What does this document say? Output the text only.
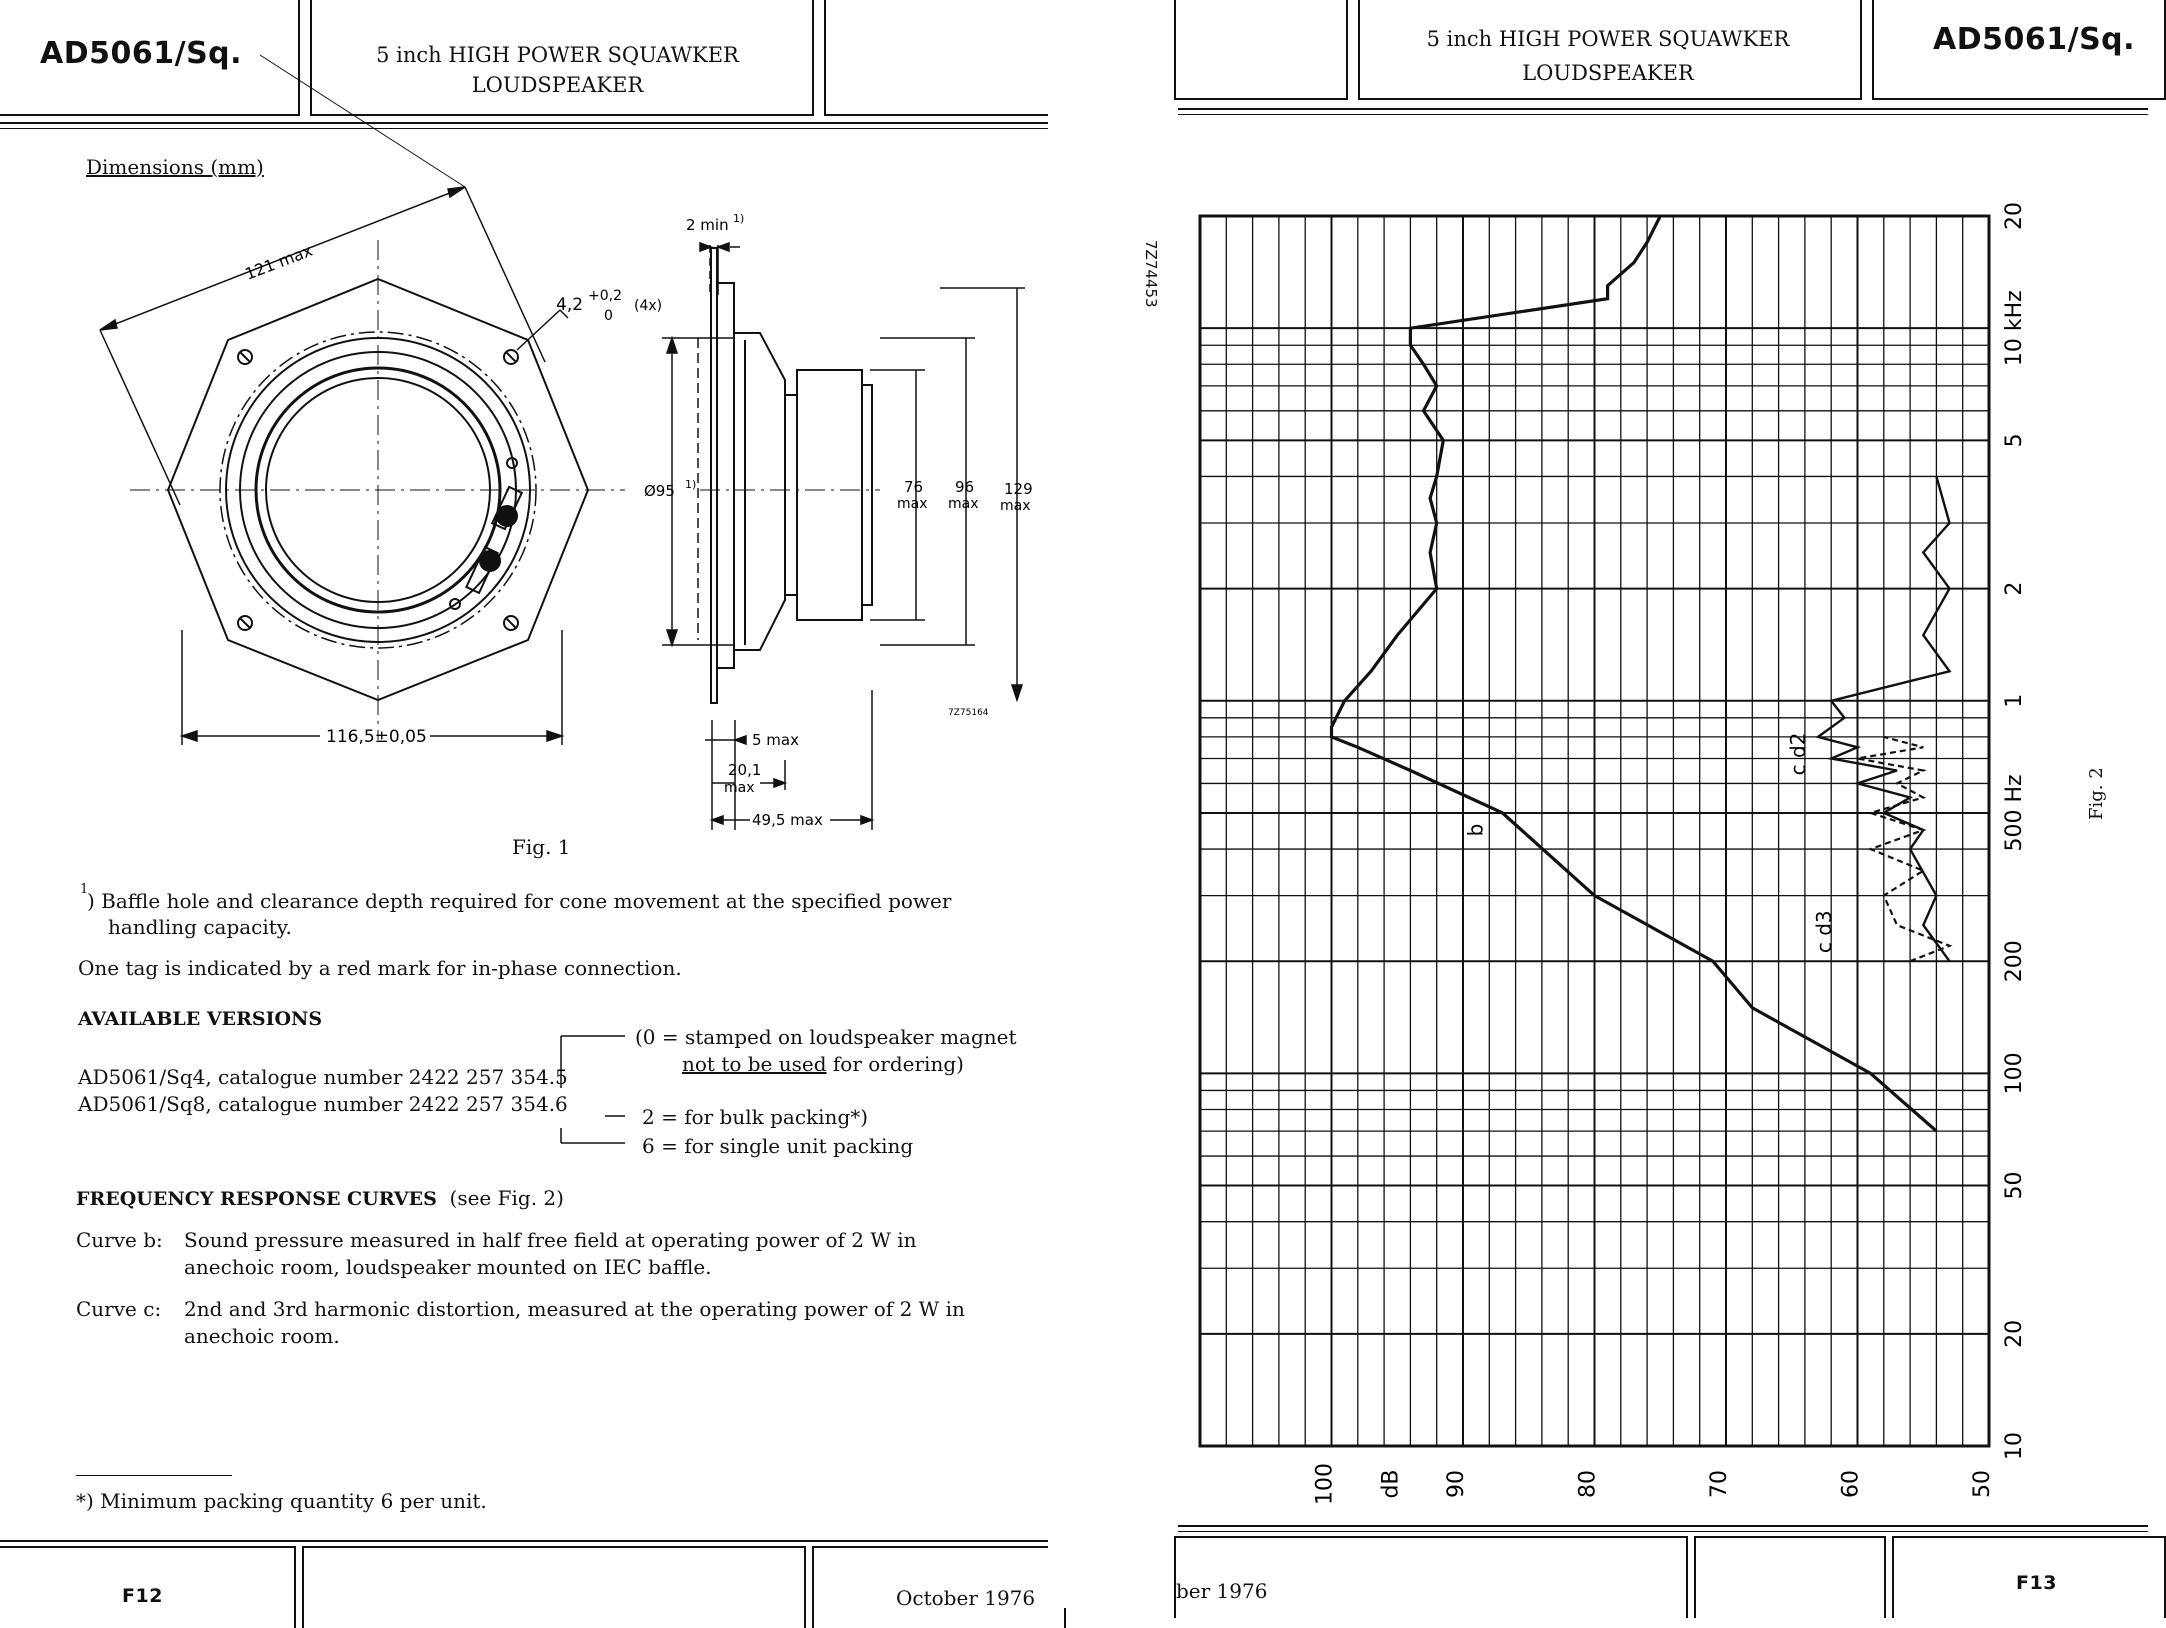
AD5061/Sq.	5 inch HIGH POWER SQUAWKER
LOUDSPEAKER
Dimensions (mm)
121 max
4,2 +0,2
0
(4x)
116,5±0,05
2 min 1)
Ø95 1)	76
max
96
max
129
max
7Z75164
5 max
20,1
max
49,5 max
Fig. 1
1
) Baffle hole and clearance depth required for cone movement at the specified power
handling capacity.
One tag is indicated by a red mark for in-phase connection.
AVAILABLE VERSIONS
AD5061/Sq4, catalogue number 2422 257 354.5
AD5061/Sq8, catalogue number 2422 257 354.6
(0 = stamped on loudspeaker magnet
not to be used for ordering)
2 = for bulk packing*)
6 = for single unit packing
FREQUENCY RESPONSE CURVES (see Fig. 2)
Curve b: Sound pressure measured in half free field at operating power of 2 W in
anechoic room, loudspeaker mounted on IEC baffle.
Curve c: 2nd and 3rd harmonic distortion, measured at the operating power of 2 W in
anechoic room.
*) Minimum packing quantity 6 per unit.
F12	October 1976
5 inch HIGH POWER SQUAWKER
LOUDSPEAKER
AD5061/Sq.
10
20
50
100
200
500 Hz
1
2
5
10 kHz
20
100	90	80	70	60	50
dB
b
c d2
c d3
7Z74453
Fig. 2
ber 1976	F13
